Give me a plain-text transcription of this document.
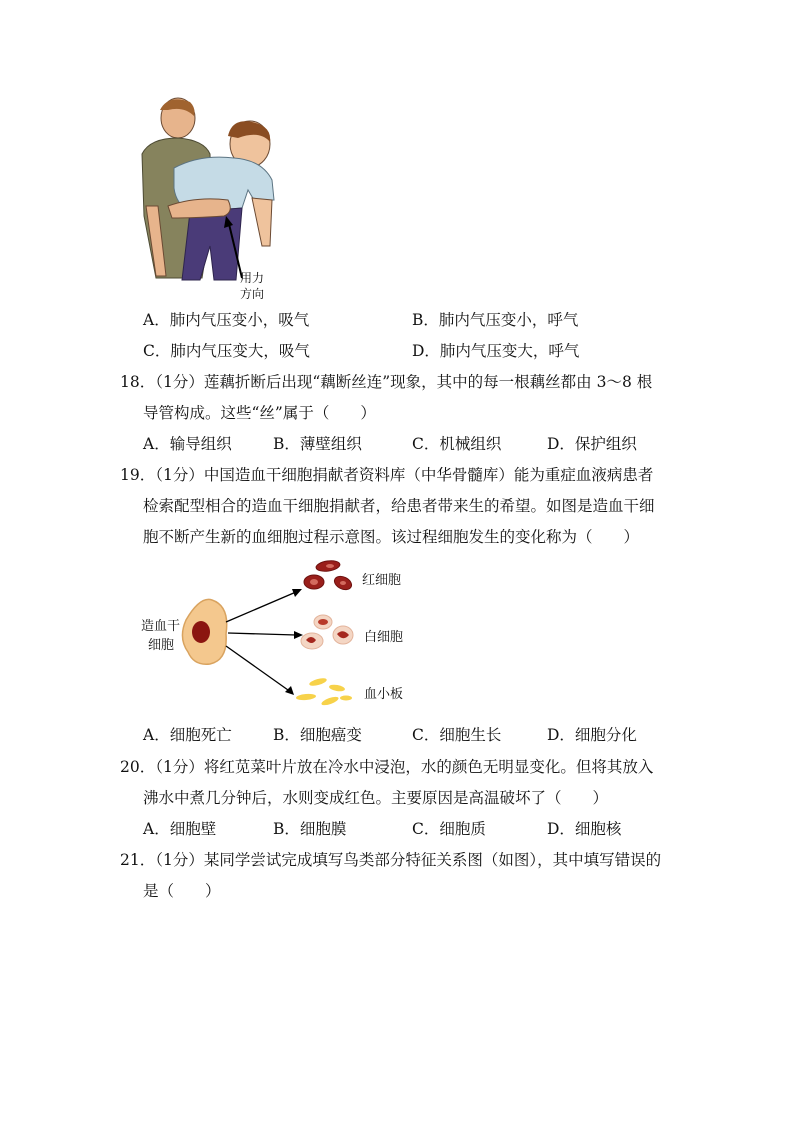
用力
方向
A．肺内气压变小，吸气	B．肺内气压变小，呼气
C．肺内气压变大，吸气	D．肺内气压变大，呼气
18．（1分）莲藕折断后出现“藕断丝连”现象，其中的每一根藕丝都由 3～8 根
导管构成。这些“丝”属于（　　）
A．输导组织	B．薄壁组织	C．机械组织	D．保护组织
19．（1分）中国造血干细胞捐献者资料库（中华骨髓库）能为重症血液病患者
检索配型相合的造血干细胞捐献者，给患者带来生的希望。如图是造血干细
胞不断产生新的血细胞过程示意图。该过程细胞发生的变化称为（　　）
造血干
细胞
红细胞
白细胞
血小板
A．细胞死亡	B．细胞癌变	C．细胞生长	D．细胞分化
20．（1分）将红苋菜叶片放在冷水中浸泡，水的颜色无明显变化。但将其放入
沸水中煮几分钟后，水则变成红色。主要原因是高温破坏了（　　）
A．细胞壁	B．细胞膜	C．细胞质	D．细胞核
21．（1分）某同学尝试完成填写鸟类部分特征关系图（如图），其中填写错误的
是（　　）
